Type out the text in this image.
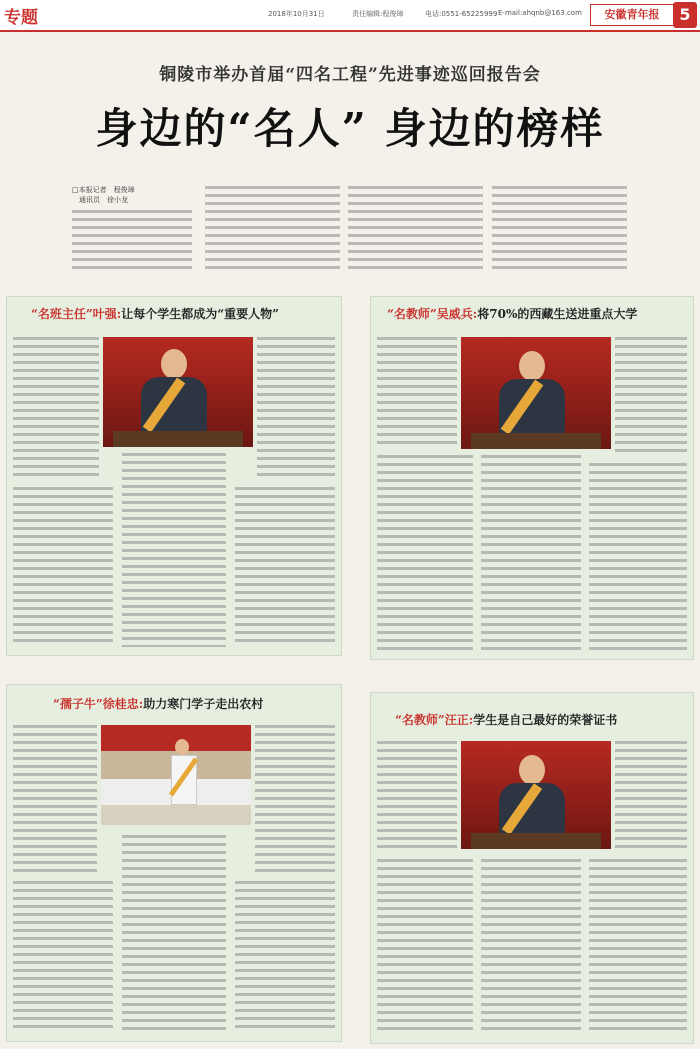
专题	2018年10月31日	责任编辑:程俊璋	电话:0551-65225999 E-mail:ahqnb@163.com	安徽青年报	5
铜陵市举办首届“四名工程”先进事迹巡回报告会
身边的“名人” 身边的榜样
□本报记者　程俊璋
　通讯员　徐小龙
“名班主任”叶强:让每个学生都成为“重要人物”	“名教师”吴威兵:将70%的西藏生送进重点大学
“孺子牛”徐桂忠:助力寒门学子走出农村
“名教师”汪正:学生是自己最好的荣誉证书
